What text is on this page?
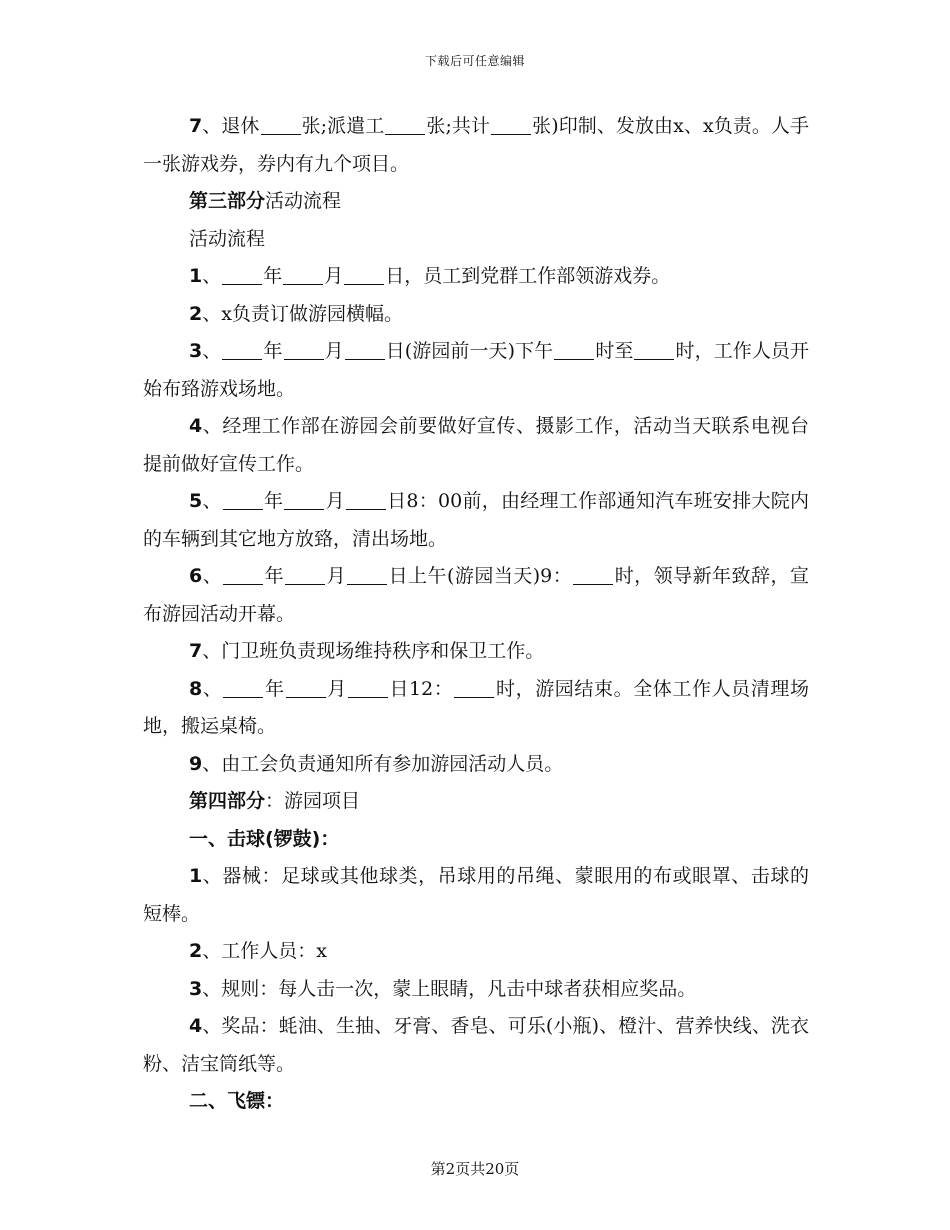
下载后可任意编辑

7、退休 张;派遣工 张;共计 张)印制、发放由x、x负责。人手一张游戏券，券内有九个项目。

第三部分活动流程

活动流程

1、 年 月 日，员工到党群工作部领游戏券。

2、x负责订做游园横幅。

3、 年 月 日(游园前一天)下午 时至 时，工作人员开始布臵游戏场地。

4、经理工作部在游园会前要做好宣传、摄影工作，活动当天联系电视台提前做好宣传工作。

5、 年 月 日8：00前，由经理工作部通知汽车班安排大院内的车辆到其它地方放臵，清出场地。

6、 年 月 日上午(游园当天)9： 时，领导新年致辞，宣布游园活动开幕。

7、门卫班负责现场维持秩序和保卫工作。

8、 年 月 日12： 时，游园结束。全体工作人员清理场地，搬运桌椅。

9、由工会负责通知所有参加游园活动人员。

第四部分：游园项目

一、击球(锣鼓)：

1、器械：足球或其他球类，吊球用的吊绳、蒙眼用的布或眼罩、击球的短棒。

2、工作人员：x

3、规则：每人击一次，蒙上眼睛，凡击中球者获相应奖品。

4、奖品：蚝油、生抽、牙膏、香皂、可乐(小瓶)、橙汁、营养快线、洗衣粉、洁宝筒纸等。

二、飞镖：

第2页共20页
